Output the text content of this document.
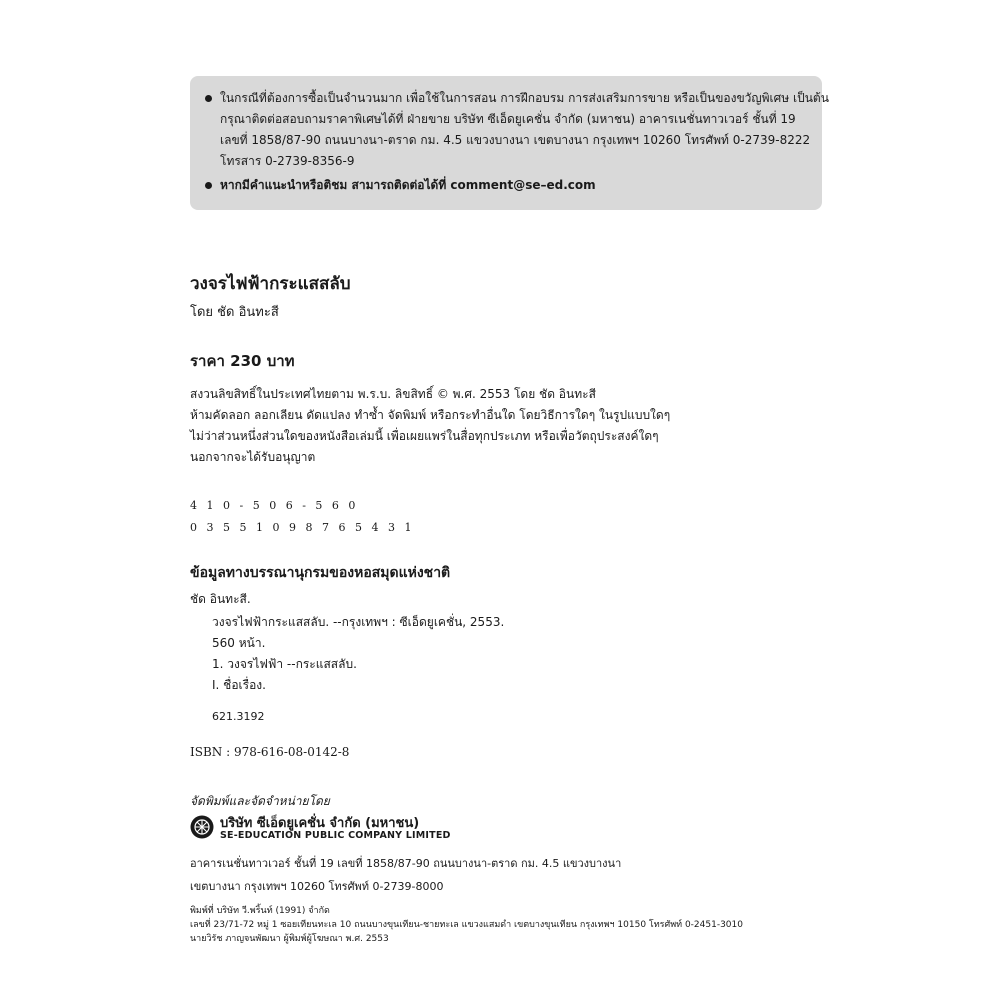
ในกรณีที่ต้องการซื้อเป็นจำนวนมาก เพื่อใช้ในการสอน การฝึกอบรม การส่งเสริมการขาย หรือเป็นของขวัญพิเศษ เป็นต้น
กรุณาติดต่อสอบถามราคาพิเศษได้ที่ ฝ่ายขาย บริษัท ซีเอ็ดยูเคชั่น จำกัด (มหาชน) อาคารเนชั่นทาวเวอร์ ชั้นที่ 19
เลขที่ 1858/87-90 ถนนบางนา-ตราด กม. 4.5 แขวงบางนา เขตบางนา กรุงเทพฯ 10260 โทรศัพท์ 0-2739-8222
โทรสาร 0-2739-8356-9
หากมีคำแนะนำหรือติชม สามารถติดต่อได้ที่ comment@se–ed.com
วงจรไฟฟ้ากระแสสลับ
โดย ชัด อินทะสี
ราคา 230 บาท
สงวนลิขสิทธิ์ในประเทศไทยตาม พ.ร.บ. ลิขสิทธิ์ © พ.ศ. 2553 โดย ชัด อินทะสี
ห้ามคัดลอก ลอกเลียน ดัดแปลง ทำซ้ำ จัดพิมพ์ หรือกระทำอื่นใด โดยวิธีการใดๆ ในรูปแบบใดๆ
ไม่ว่าส่วนหนึ่งส่วนใดของหนังสือเล่มนี้ เพื่อเผยแพร่ในสื่อทุกประเภท หรือเพื่อวัตถุประสงค์ใดๆ
นอกจากจะได้รับอนุญาต
410-506-560
03551098765431
ข้อมูลทางบรรณานุกรมของหอสมุดแห่งชาติ
ชัด อินทะสี.
วงจรไฟฟ้ากระแสสลับ. --กรุงเทพฯ : ซีเอ็ดยูเคชั่น, 2553.
560 หน้า.
1. วงจรไฟฟ้า --กระแสสลับ.
I. ชื่อเรื่อง.
621.3192
ISBN : 978-616-08-0142-8
จัดพิมพ์และจัดจำหน่ายโดย
บริษัท ซีเอ็ดยูเคชั่น จำกัด (มหาชน)
SE-EDUCATION PUBLIC COMPANY LIMITED
อาคารเนชั่นทาวเวอร์ ชั้นที่ 19 เลขที่ 1858/87-90 ถนนบางนา-ตราด กม. 4.5 แขวงบางนา
เขตบางนา กรุงเทพฯ 10260 โทรศัพท์ 0-2739-8000
พิมพ์ที่ บริษัท วี.พริ้นท์ (1991) จำกัด
เลขที่ 23/71-72 หมู่ 1 ซอยเทียนทะเล 10 ถนนบางขุนเทียน-ชายทะเล แขวงแสมดำ เขตบางขุนเทียน กรุงเทพฯ 10150 โทรศัพท์ 0-2451-3010
นายวิรัช ภาญจนพัฒนา ผู้พิมพ์ผู้โฆษณา พ.ศ. 2553
